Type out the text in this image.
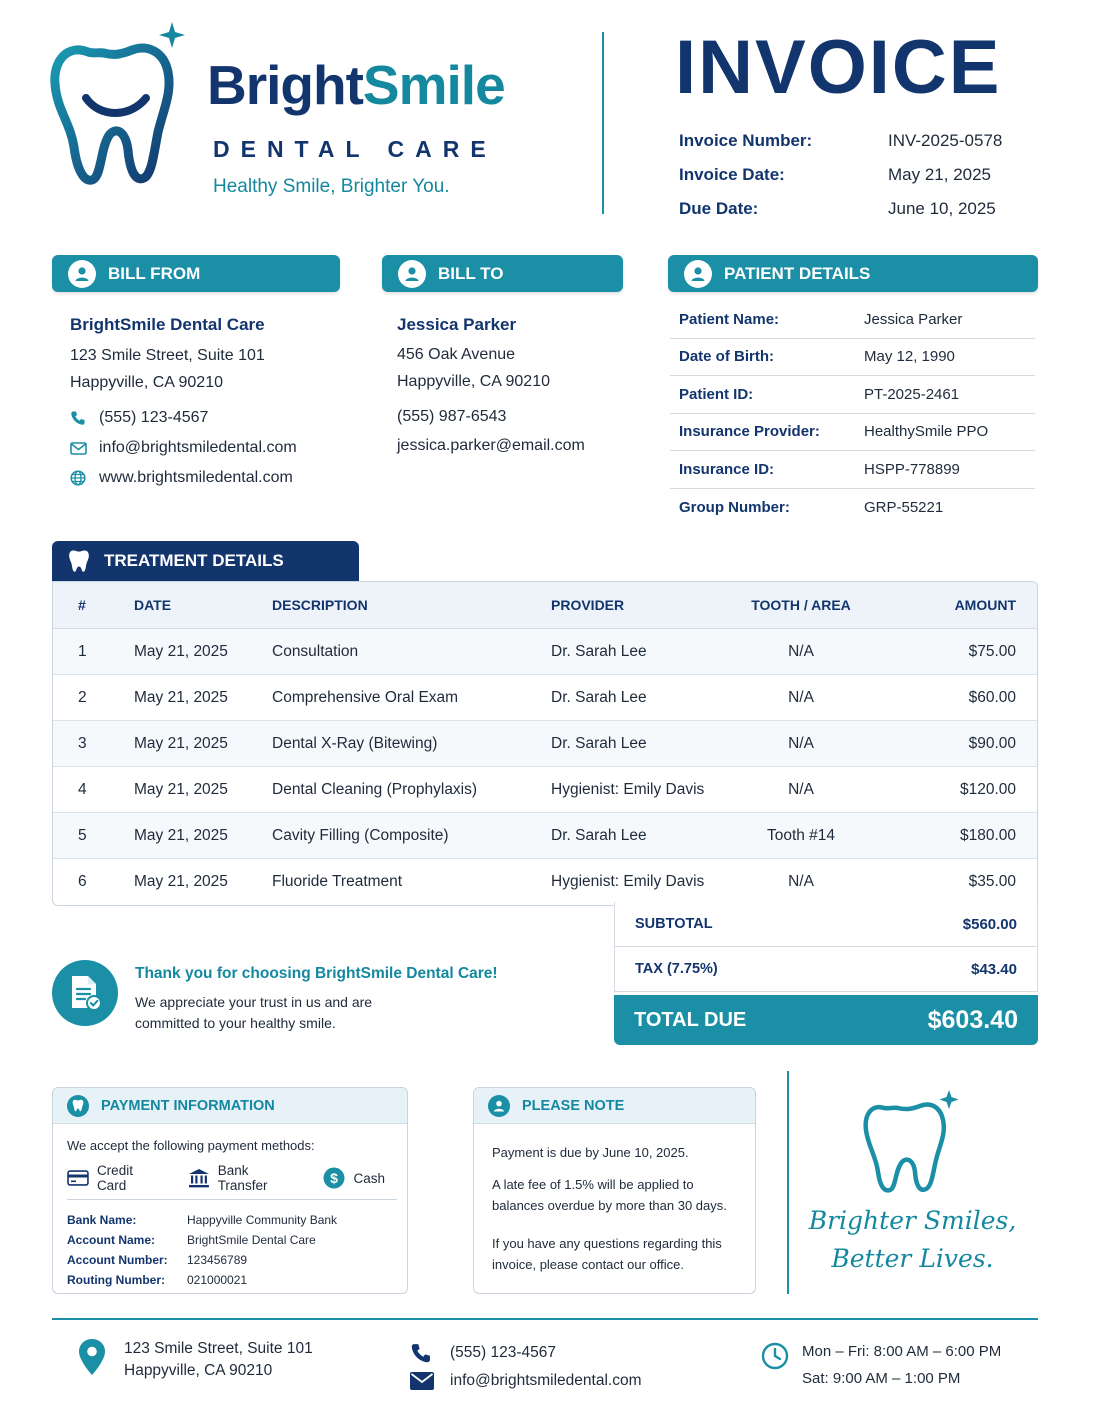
BrightSmile
DENTAL CARE
Healthy Smile, Brighter You.
INVOICE
Invoice Number:	INV-2025-0578
Invoice Date:	May 21, 2025
Due Date:	June 10, 2025
BILL FROM	BILL TO	PATIENT DETAILS
BrightSmile Dental Care
123 Smile Street, Suite 101
Happyville, CA 90210
(555) 123-4567
info@brightsmiledental.com
www.brightsmiledental.com
Jessica Parker
456 Oak Avenue
Happyville, CA 90210
(555) 987-6543
jessica.parker@email.com
Patient Name:	Jessica Parker
Date of Birth:	May 12, 1990
Patient ID:	PT-2025-2461
Insurance Provider:	HealthySmile PPO
Insurance ID:	HSPP-778899
Group Number:	GRP-55221
TREATMENT DETAILS
#	DATE	DESCRIPTION	PROVIDER	TOOTH / AREA	AMOUNT
1	May 21, 2025	Consultation	Dr. Sarah Lee	N/A	$75.00
2	May 21, 2025	Comprehensive Oral Exam	Dr. Sarah Lee	N/A	$60.00
3	May 21, 2025	Dental X-Ray (Bitewing)	Dr. Sarah Lee	N/A	$90.00
4	May 21, 2025	Dental Cleaning (Prophylaxis)	Hygienist: Emily Davis	N/A	$120.00
5	May 21, 2025	Cavity Filling (Composite)	Dr. Sarah Lee	Tooth #14	$180.00
6	May 21, 2025	Fluoride Treatment	Hygienist: Emily Davis	N/A	$35.00
SUBTOTAL	$560.00
TAX (7.75%)	$43.40
TOTAL DUE	$603.40
Thank you for choosing BrightSmile Dental Care!
We appreciate your trust in us and are
committed to your healthy smile.
PAYMENT INFORMATION
We accept the following payment methods:
Credit Card
Bank Transfer	$ Cash
Bank Name:	Happyville Community Bank
Account Name:	BrightSmile Dental Care
Account Number:	123456789
Routing Number:	021000021
PLEASE NOTE

Payment is due by June 10, 2025.

A late fee of 1.5% will be applied to
balances overdue by more than 30 days.

If you have any questions regarding this
invoice, please contact our office.

Brighter Smiles,
Better Lives.
123 Smile Street, Suite 101
Happyville, CA 90210
(555) 123-4567
info@brightsmiledental.com
Mon – Fri: 8:00 AM – 6:00 PM
Sat: 9:00 AM – 1:00 PM
